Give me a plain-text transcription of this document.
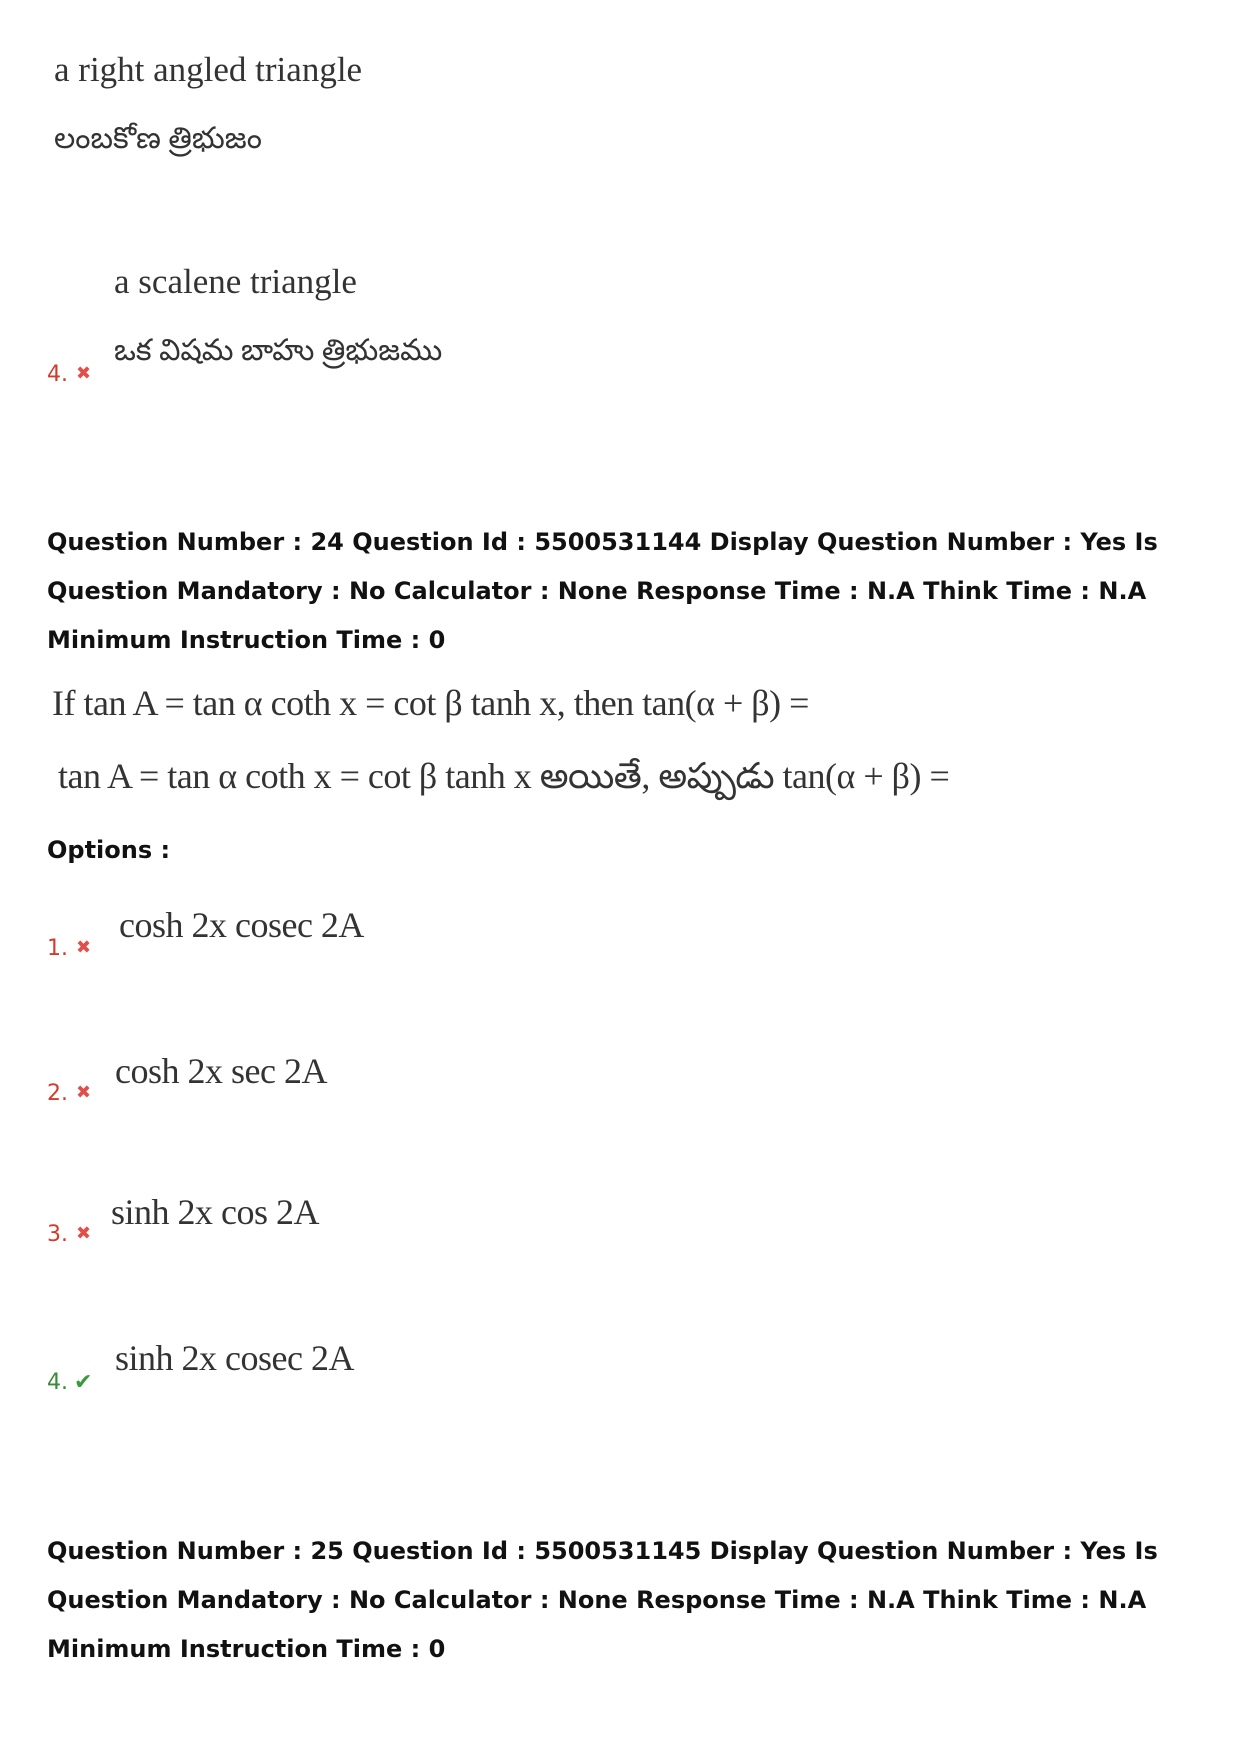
a right angled triangle
లంబకోణ త్రిభుజం
a scalene triangle
ఒక విషమ బాహు త్రిభుజము
4. ✖
Question Number : 24 Question Id : 5500531144 Display Question Number : Yes Is Question Mandatory : No Calculator : None Response Time : N.A Think Time : N.A Minimum Instruction Time : 0
If tan A = tan α coth x = cot β tanh x, then tan(α + β) =
tan A = tan α coth x = cot β tanh x అయితే, అప్పుడు tan(α + β) =
Options :
cosh 2x cosec 2A
1. ✖
cosh 2x sec 2A
2. ✖
sinh 2x cos 2A
3. ✖
sinh 2x cosec 2A
4. ✔
Question Number : 25 Question Id : 5500531145 Display Question Number : Yes Is Question Mandatory : No Calculator : None Response Time : N.A Think Time : N.A Minimum Instruction Time : 0
